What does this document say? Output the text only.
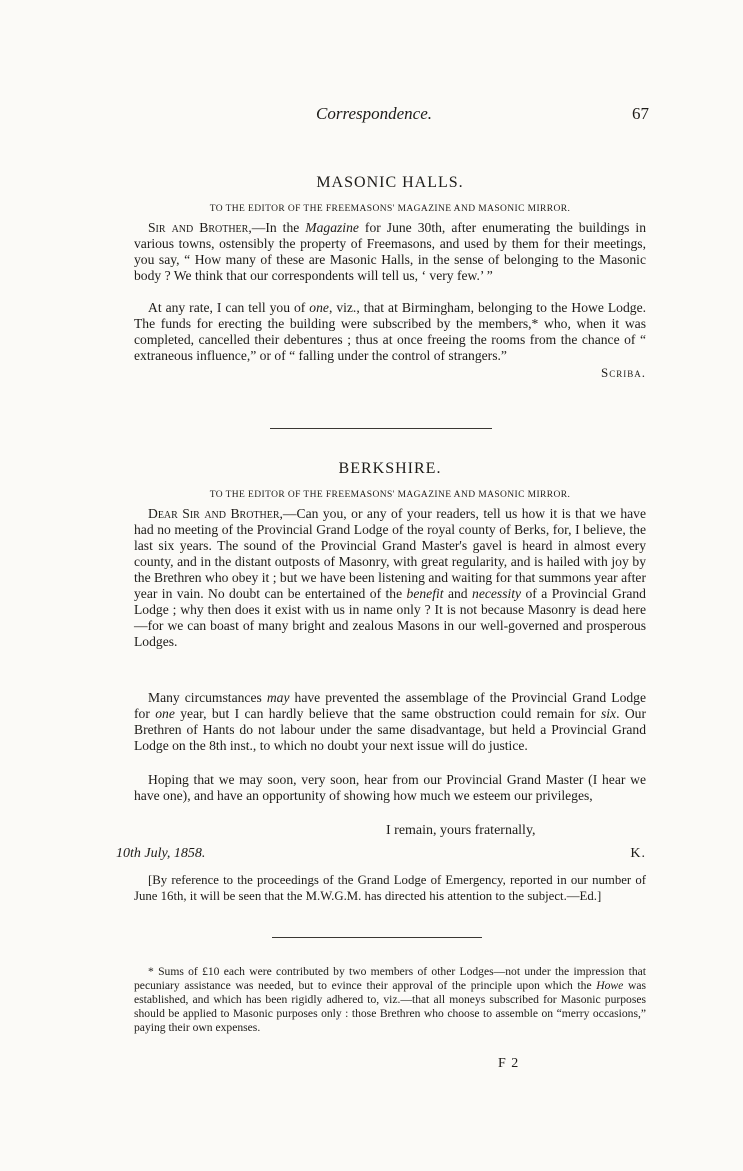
Correspondence.	67
MASONIC HALLS.
TO THE EDITOR OF THE FREEMASONS' MAGAZINE AND MASONIC MIRROR.

Sir and Brother,—In the Magazine for June 30th, after enumerating the buildings in various towns, ostensibly the property of Freemasons, and used by them for their meetings, you say, “ How many of these are Masonic Halls, in the sense of belonging to the Masonic body ? We think that our correspondents will tell us, ‘ very few.’ ”

At any rate, I can tell you of one, viz., that at Birmingham, belonging to the Howe Lodge. The funds for erecting the building were subscribed by the members,* who, when it was completed, cancelled their debentures ; thus at once freeing the rooms from the chance of “ extraneous influence,” or of “ falling under the control of strangers.”

Scriba.
BERKSHIRE.
TO THE EDITOR OF THE FREEMASONS' MAGAZINE AND MASONIC MIRROR.

Dear Sir and Brother,—Can you, or any of your readers, tell us how it is that we have had no meeting of the Provincial Grand Lodge of the royal county of Berks, for, I believe, the last six years. The sound of the Provincial Grand Master's gavel is heard in almost every county, and in the distant outposts of Masonry, with great regularity, and is hailed with joy by the Brethren who obey it ; but we have been listening and waiting for that summons year after year in vain. No doubt can be entertained of the benefit and necessity of a Provincial Grand Lodge ; why then does it exist with us in name only ? It is not because Masonry is dead here—for we can boast of many bright and zealous Masons in our well-governed and prosperous Lodges.

Many circumstances may have prevented the assemblage of the Provincial Grand Lodge for one year, but I can hardly believe that the same obstruction could remain for six. Our Brethren of Hants do not labour under the same disadvantage, but held a Provincial Grand Lodge on the 8th inst., to which no doubt your next issue will do justice.

Hoping that we may soon, very soon, hear from our Provincial Grand Master (I hear we have one), and have an opportunity of showing how much we esteem our privileges,

I remain, yours fraternally,
10th July, 1858.	K.

[By reference to the proceedings of the Grand Lodge of Emergency, reported in our number of June 16th, it will be seen that the M.W.G.M. has directed his attention to the subject.—Ed.]

* Sums of £10 each were contributed by two members of other Lodges—not under the impression that pecuniary assistance was needed, but to evince their approval of the principle upon which the Howe was established, and which has been rigidly adhered to, viz.—that all moneys subscribed for Masonic purposes should be applied to Masonic purposes only : those Brethren who choose to assemble on “merry occasions,” paying their own expenses.

F 2
